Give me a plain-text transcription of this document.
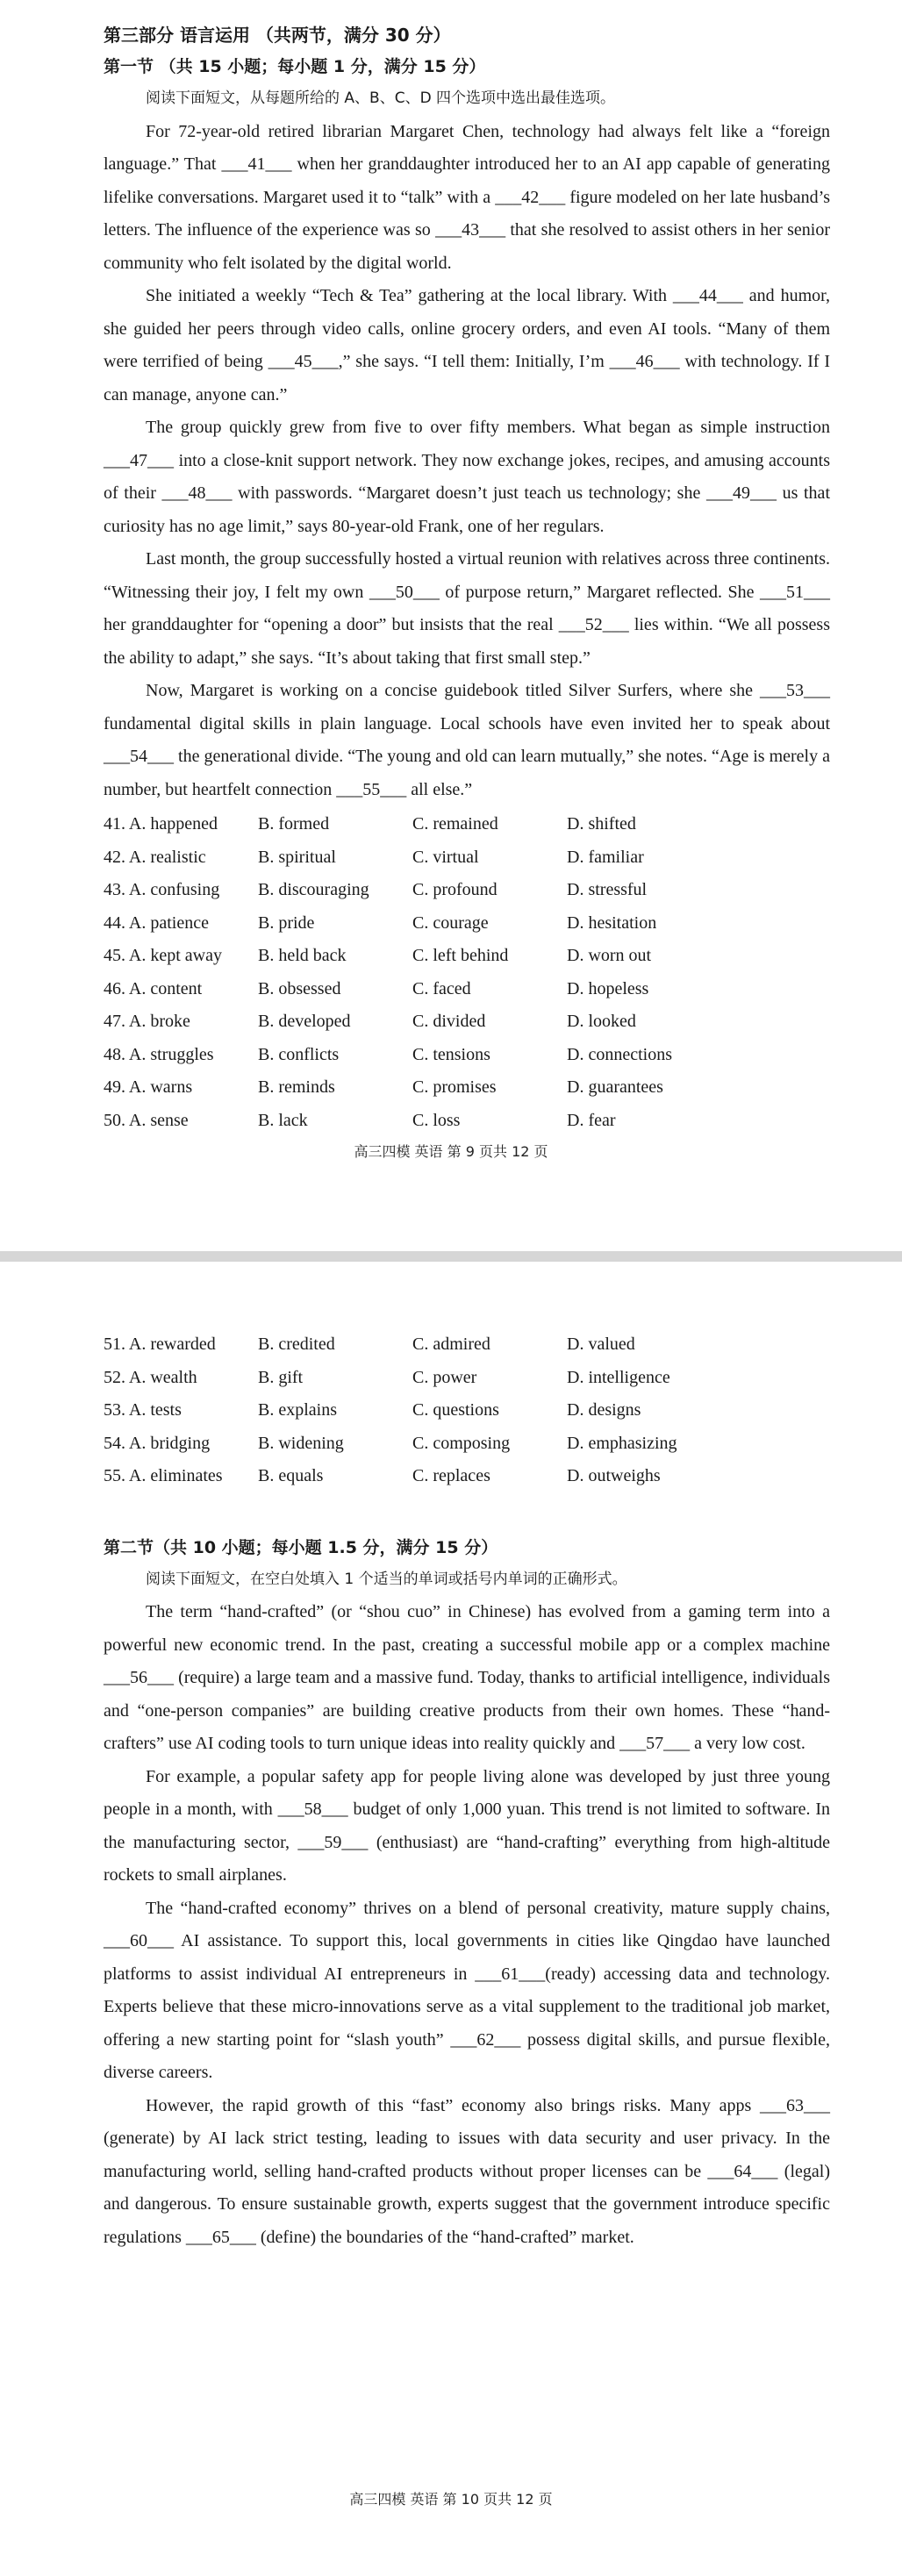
第三部分 语言运用 （共两节，满分 30 分）

第一节 （共 15 小题；每小题 1 分，满分 15 分）

阅读下面短文，从每题所给的 A、B、C、D 四个选项中选出最佳选项。

For 72-year-old retired librarian Margaret Chen, technology had always felt like a “foreign language.” That ___41___ when her granddaughter introduced her to an AI app capable of generating lifelike conversations. Margaret used it to “talk” with a ___42___ figure modeled on her late husband’s letters. The influence of the experience was so ___43___ that she resolved to assist others in her senior community who felt isolated by the digital world.

She initiated a weekly “Tech & Tea” gathering at the local library. With ___44___ and humor, she guided her peers through video calls, online grocery orders, and even AI tools. “Many of them were terrified of being ___45___,” she says. “I tell them: Initially, I’m ___46___ with technology. If I can manage, anyone can.”

The group quickly grew from five to over fifty members. What began as simple instruction ___47___ into a close-knit support network. They now exchange jokes, recipes, and amusing accounts of their ___48___ with passwords. “Margaret doesn’t just teach us technology; she ___49___ us that curiosity has no age limit,” says 80-year-old Frank, one of her regulars.

Last month, the group successfully hosted a virtual reunion with relatives across three continents. “Witnessing their joy, I felt my own ___50___ of purpose return,” Margaret reflected. She ___51___ her granddaughter for “opening a door” but insists that the real ___52___ lies within. “We all possess the ability to adapt,” she says. “It’s about taking that first small step.”

Now, Margaret is working on a concise guidebook titled Silver Surfers, where she ___53___ fundamental digital skills in plain language. Local schools have even invited her to speak about ___54___ the generational divide. “The young and old can learn mutually,” she notes. “Age is merely a number, but heartfelt connection ___55___ all else.”

41. A. happened	B. formed	C. remained	D. shifted
42. A. realistic	B. spiritual	C. virtual	D. familiar
43. A. confusing	B. discouraging	C. profound	D. stressful
44. A. patience	B. pride	C. courage	D. hesitation
45. A. kept away	B. held back	C. left behind	D. worn out
46. A. content	B. obsessed	C. faced	D. hopeless
47. A. broke	B. developed	C. divided	D. looked
48. A. struggles	B. conflicts	C. tensions	D. connections
49. A. warns	B. reminds	C. promises	D. guarantees
50. A. sense	B. lack	C. loss	D. fear
高三四模 英语 第 9 页共 12 页
51. A. rewarded	B. credited	C. admired	D. valued
52. A. wealth	B. gift	C. power	D. intelligence
53. A. tests	B. explains	C. questions	D. designs
54. A. bridging	B. widening	C. composing	D. emphasizing
55. A. eliminates	B. equals	C. replaces	D. outweighs

第二节（共 10 小题；每小题 1.5 分，满分 15 分）

阅读下面短文，在空白处填入 1 个适当的单词或括号内单词的正确形式。

The term “hand-crafted” (or “shou cuo” in Chinese) has evolved from a gaming term into a powerful new economic trend. In the past, creating a successful mobile app or a complex machine ___56___ (require) a large team and a massive fund. Today, thanks to artificial intelligence, individuals and “one-person companies” are building creative products from their own homes. These “hand-crafters” use AI coding tools to turn unique ideas into reality quickly and ___57___ a very low cost.

For example, a popular safety app for people living alone was developed by just three young people in a month, with ___58___ budget of only 1,000 yuan. This trend is not limited to software. In the manufacturing sector, ___59___ (enthusiast) are “hand-crafting” everything from high-altitude rockets to small airplanes.

The “hand-crafted economy” thrives on a blend of personal creativity, mature supply chains, ___60___ AI assistance. To support this, local governments in cities like Qingdao have launched platforms to assist individual AI entrepreneurs in ___61___(ready) accessing data and technology. Experts believe that these micro-innovations serve as a vital supplement to the traditional job market, offering a new starting point for “slash youth” ___62___ possess digital skills, and pursue flexible, diverse careers.

However, the rapid growth of this “fast” economy also brings risks. Many apps ___63___ (generate) by AI lack strict testing, leading to issues with data security and user privacy. In the manufacturing world, selling hand-crafted products without proper licenses can be ___64___ (legal) and dangerous. To ensure sustainable growth, experts suggest that the government introduce specific regulations ___65___ (define) the boundaries of the “hand-crafted” market.

高三四模 英语 第 10 页共 12 页
